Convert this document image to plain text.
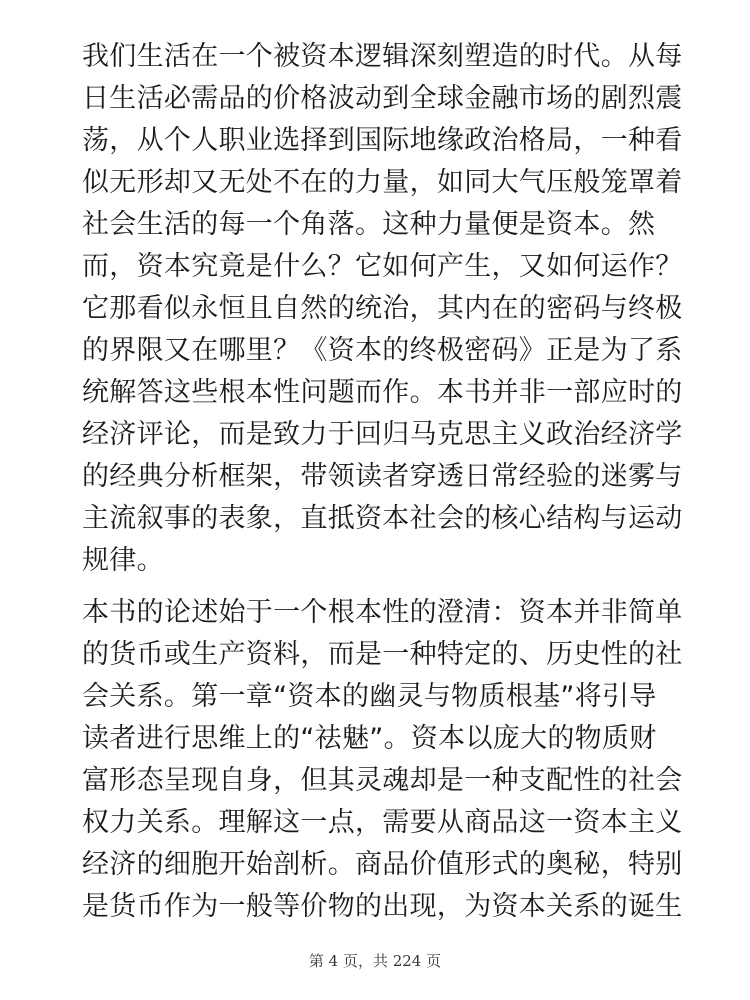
我们生活在一个被资本逻辑深刻塑造的时代。从每
日生活必需品的价格波动到全球金融市场的剧烈震
荡，从个人职业选择到国际地缘政治格局，一种看
似无形却又无处不在的力量，如同大气压般笼罩着
社会生活的每一个角落。这种力量便是资本。然
而，资本究竟是什么？它如何产生，又如何运作？
它那看似永恒且自然的统治，其内在的密码与终极
的界限又在哪里？《资本的终极密码》正是为了系
统解答这些根本性问题而作。本书并非一部应时的
经济评论，而是致力于回归马克思主义政治经济学
的经典分析框架，带领读者穿透日常经验的迷雾与
主流叙事的表象，直抵资本社会的核心结构与运动
规律。
本书的论述始于一个根本性的澄清：资本并非简单
的货币或生产资料，而是一种特定的、历史性的社
会关系。第一章“资本的幽灵与物质根基”将引导
读者进行思维上的“祛魅”。资本以庞大的物质财
富形态呈现自身，但其灵魂却是一种支配性的社会
权力关系。理解这一点，需要从商品这一资本主义
经济的细胞开始剖析。商品价值形式的奥秘，特别
是货币作为一般等价物的出现，为资本关系的诞生
第 4 页，共 224 页
